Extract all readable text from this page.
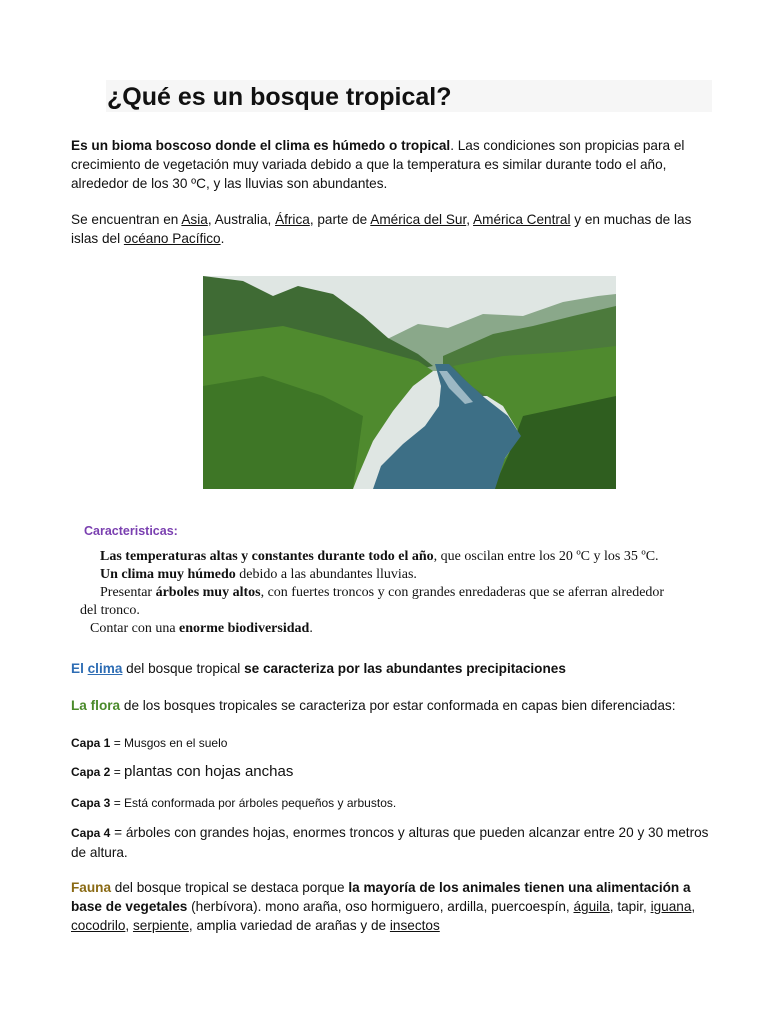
¿Qué es un bosque tropical?

Es un bioma boscoso donde el clima es húmedo o tropical. Las condiciones son propicias para el crecimiento de vegetación muy variada debido a que la temperatura es similar durante todo el año, alrededor de los 30 ºC, y las lluvias son abundantes.

Se encuentran en Asia, Australia, África, parte de América del Sur, América Central y en muchas de las islas del océano Pacífico.

Caracteristicas:

Las temperaturas altas y constantes durante todo el año, que oscilan entre los 20 ºC y los 35 ºC.
Un clima muy húmedo debido a las abundantes lluvias.
Presentar árboles muy altos, con fuertes troncos y con grandes enredaderas que se aferran alrededor
del tronco.
Contar con una enorme biodiversidad.

El clima del bosque tropical se caracteriza por las abundantes precipitaciones

La flora de los bosques tropicales se caracteriza por estar conformada en capas bien diferenciadas:

Capa 1 = Musgos en el suelo

Capa 2 = plantas con hojas anchas

Capa 3 = Está conformada por árboles pequeños y arbustos.

Capa 4 = árboles con grandes hojas, enormes troncos y alturas que pueden alcanzar entre 20 y 30 metros de altura.

Fauna del bosque tropical se destaca porque la mayoría de los animales tienen una alimentación a base de vegetales (herbívora). mono araña, oso hormiguero, ardilla, puercoespín, águila, tapir, iguana, cocodrilo, serpiente, amplia variedad de arañas y de insectos
